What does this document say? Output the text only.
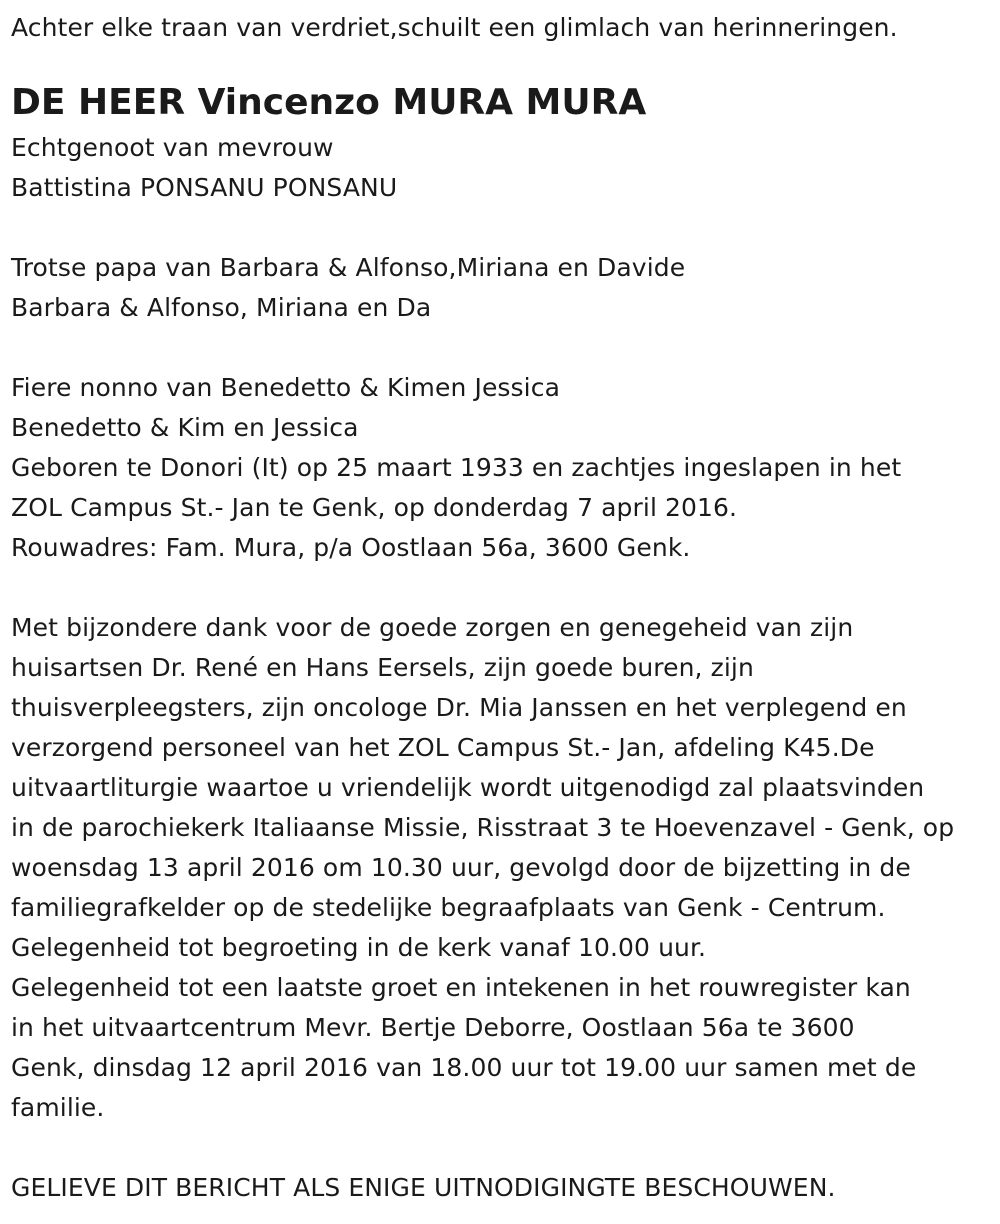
Achter elke traan van verdriet,schuilt een glimlach van herinneringen.
DE HEER Vincenzo MURA MURA
Echtgenoot van mevrouw
Battistina PONSANU PONSANU
Trotse papa van Barbara & Alfonso,Miriana en Davide
Barbara & Alfonso, Miriana en Da
Fiere nonno van Benedetto & Kimen Jessica
Benedetto & Kim en Jessica
Geboren te Donori (It) op 25 maart 1933 en zachtjes ingeslapen in het
ZOL Campus St.- Jan te Genk, op donderdag 7 april 2016.
Rouwadres: Fam. Mura, p/a Oostlaan 56a, 3600 Genk.
Met bijzondere dank voor de goede zorgen en genegeheid van zijn
huisartsen Dr. René en Hans Eersels, zijn goede buren, zijn
thuisverpleegsters, zijn oncologe Dr. Mia Janssen en het verplegend en
verzorgend personeel van het ZOL Campus St.- Jan, afdeling K45.De
uitvaartliturgie waartoe u vriendelijk wordt uitgenodigd zal plaatsvinden
in de parochiekerk Italiaanse Missie, Risstraat 3 te Hoevenzavel - Genk, op
woensdag 13 april 2016 om 10.30 uur, gevolgd door de bijzetting in de
familiegrafkelder op de stedelijke begraafplaats van Genk - Centrum.
Gelegenheid tot begroeting in de kerk vanaf 10.00 uur.
Gelegenheid tot een laatste groet en intekenen in het rouwregister kan
in het uitvaartcentrum Mevr. Bertje Deborre, Oostlaan 56a te 3600
Genk, dinsdag 12 april 2016 van 18.00 uur tot 19.00 uur samen met de
familie.
GELIEVE DIT BERICHT ALS ENIGE UITNODIGINGTE BESCHOUWEN.
